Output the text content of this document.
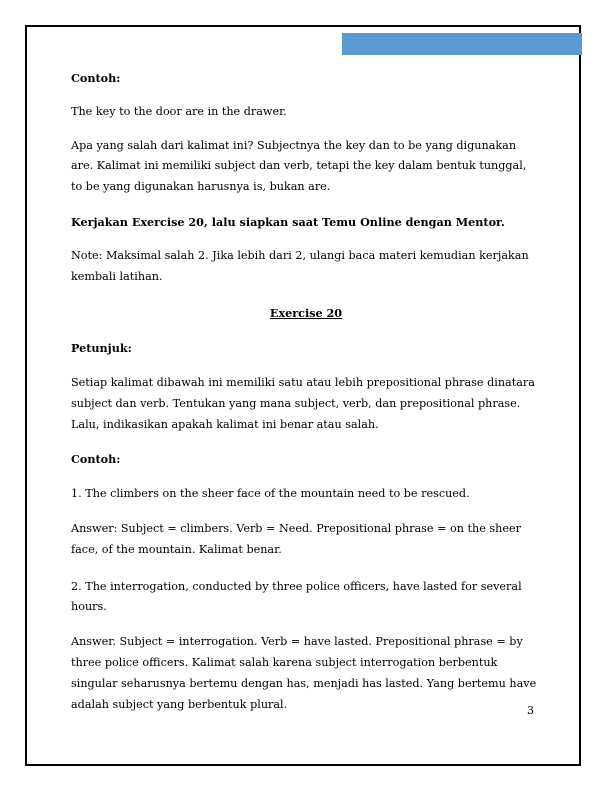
Contoh:

The key to the door are in the drawer.

Apa yang salah dari kalimat ini? Subjectnya the key dan to be yang digunakan are. Kalimat ini memiliki subject dan verb, tetapi the key dalam bentuk tunggal, to be yang digunakan harusnya is, bukan are.

Kerjakan Exercise 20, lalu siapkan saat Temu Online dengan Mentor.

Note: Maksimal salah 2. Jika lebih dari 2, ulangi baca materi kemudian kerjakan kembali latihan.

Exercise 20

Petunjuk:

Setiap kalimat dibawah ini memiliki satu atau lebih prepositional phrase dinatara subject dan verb. Tentukan yang mana subject, verb, dan prepositional phrase. Lalu, indikasikan apakah kalimat ini benar atau salah.

Contoh:

1. The climbers on the sheer face of the mountain need to be rescued.

Answer: Subject = climbers. Verb = Need. Prepositional phrase = on the sheer face, of the mountain. Kalimat benar.

2. The interrogation, conducted by three police officers, have lasted for several hours.

Answer. Subject = interrogation. Verb = have lasted. Prepositional phrase = by three police officers. Kalimat salah karena subject interrogation berbentuk singular seharusnya bertemu dengan has, menjadi has lasted. Yang bertemu have adalah subject yang berbentuk plural.	3
